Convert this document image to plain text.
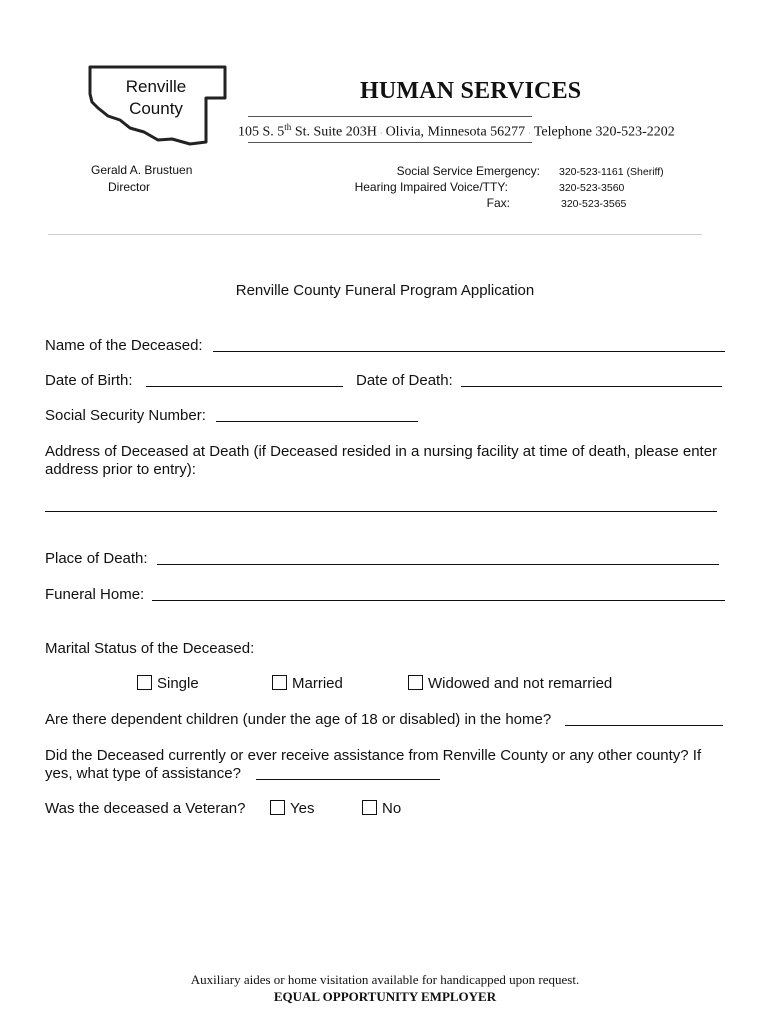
Renville
County
HUMAN SERVICES
105 S. 5th St. Suite 203H · Olivia, Minnesota 56277 · Telephone 320-523-2202
Gerald A. Brustuen
Director
Social Service Emergency: 320-523-1161 (Sheriff)
Hearing Impaired Voice/TTY:	320-523-3560
Fax:	320-523-3565
Renville County Funeral Program Application
Name of the Deceased:
Date of Birth:	Date of Death:
Social Security Number:
Address of Deceased at Death (if Deceased resided in a nursing facility at time of death, please enter
address prior to entry):
Place of Death:
Funeral Home:
Marital Status of the Deceased:
Single	Married	Widowed and not remarried
Are there dependent children (under the age of 18 or disabled) in the home?
Did the Deceased currently or ever receive assistance from Renville County or any other county? If
yes, what type of assistance?
Was the deceased a Veteran?	Yes	No
Auxiliary aides or home visitation available for handicapped upon request.
EQUAL OPPORTUNITY EMPLOYER
